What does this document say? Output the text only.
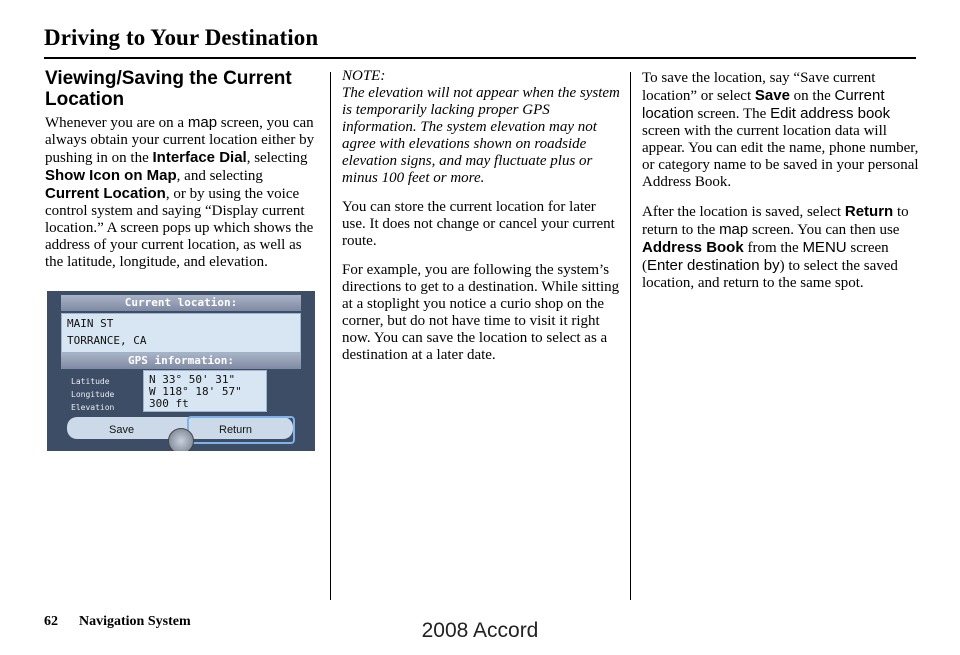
Driving to Your Destination
Viewing/Saving the Current Location

Whenever you are on a map screen, you can always obtain your current location either by pushing in on the Interface Dial, selecting Show Icon on Map, and selecting Current Location, or by using the voice control system and saying “Display current location.” A screen pops up which shows the address of your current location, as well as the latitude, longitude, and elevation.

Current location:
MAIN ST
TORRANCE, CA
GPS information:
Latitude
Longitude
Elevation
N 33° 50' 31"
W 118° 18' 57"
300 ft
Save	Return

NOTE:

The elevation will not appear when the system is temporarily lacking proper GPS information. The system elevation may not agree with elevations shown on roadside elevation signs, and may fluctuate plus or minus 100 feet or more.

You can store the current location for later use. It does not change or cancel your current route.

For example, you are following the system’s directions to get to a destination. While sitting at a stoplight you notice a curio shop on the corner, but do not have time to visit it right now. You can save the location to select as a destination at a later date.

To save the location, say “Save current location” or select Save on the Current location screen. The Edit address book screen with the current location data will appear. You can edit the name, phone number, or category name to be saved in your personal Address Book.

After the location is saved, select Return to return to the map screen. You can then use Address Book from the MENU screen (Enter destination by) to select the saved location, and return to the same spot.

62 Navigation System	2008 Accord
